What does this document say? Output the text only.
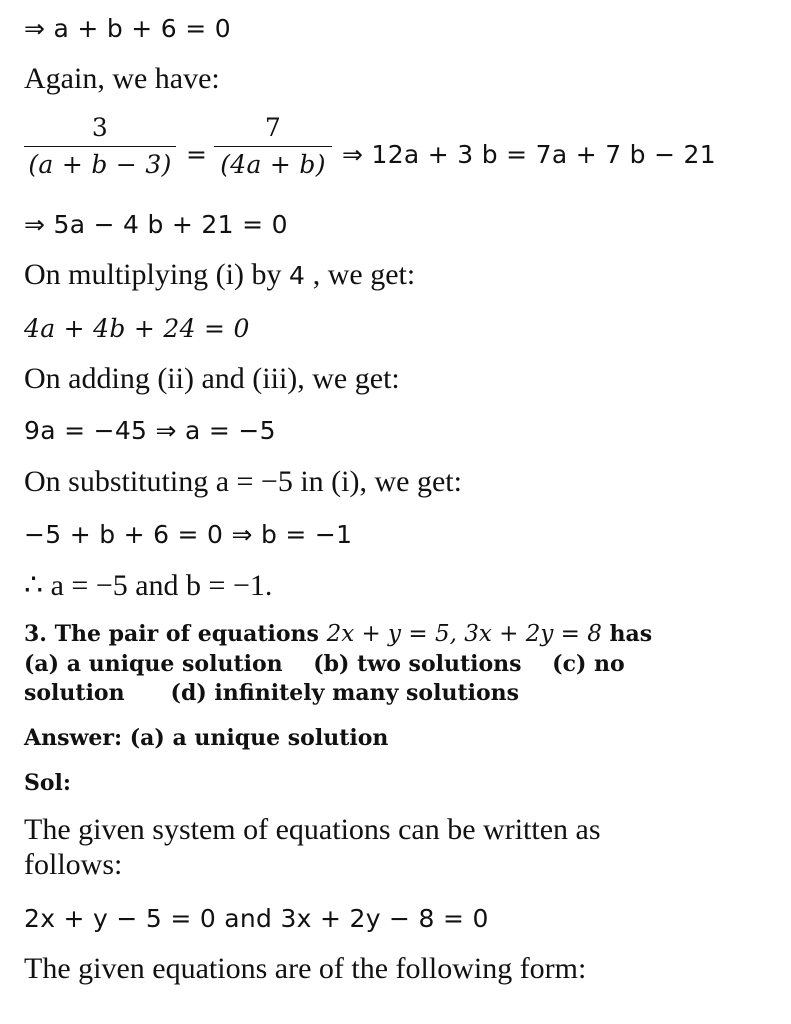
⇒ a + b + 6 = 0
Again, we have:
3
(a + b − 3) =
7
(4a + b) ⇒ 12a + 3 b = 7a + 7 b − 21
⇒ 5a − 4 b + 21 = 0
On multiplying (i) by 4 , we get:
4a + 4b + 24 = 0
On adding (ii) and (iii), we get:
9a = −45 ⇒ a = −5
On substituting a = −5 in (i), we get:
−5 + b + 6 = 0 ⇒ b = −1
∴ a = −5 and b = −1.
3. The pair of equations 2x + y = 5, 3x + 2y = 8 has
(a) a unique solution    (b) two solutions    (c) no
solution      (d) infinitely many solutions
Answer: (a) a unique solution
Sol:
The given system of equations can be written as
follows:
2x + y − 5 = 0 and 3x + 2y − 8 = 0
The given equations are of the following form:
